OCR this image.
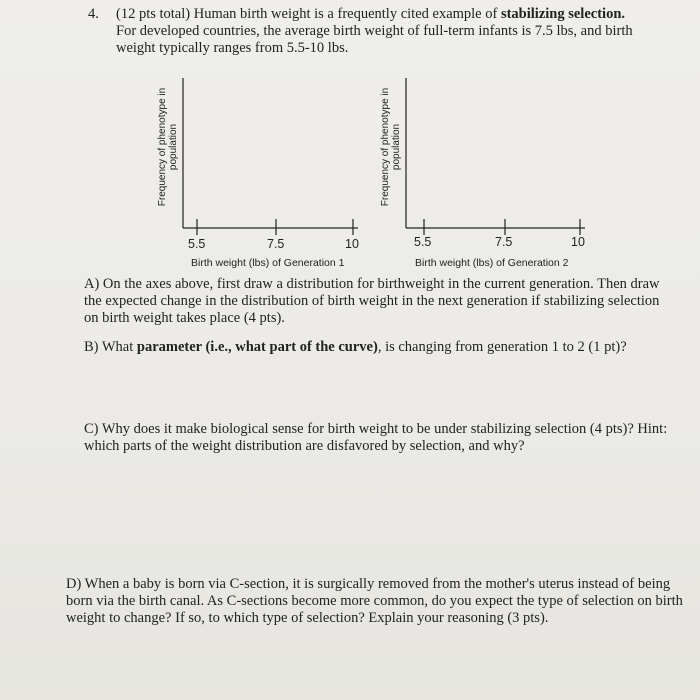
4. (12 pts total) Human birth weight is a frequently cited example of stabilizing selection. For developed countries, the average birth weight of full-term infants is 7.5 lbs, and birth weight typically ranges from 5.5-10 lbs.
Frequency of phenotype in population
5.5	7.5	10
Birth weight (lbs) of Generation 1
Frequency of phenotype in population
5.5	7.5	10
Birth weight (lbs) of Generation 2
A) On the axes above, first draw a distribution for birthweight in the current generation. Then draw the expected change in the distribution of birth weight in the next generation if stabilizing selection on birth weight takes place (4 pts).
B) What parameter (i.e., what part of the curve), is changing from generation 1 to 2 (1 pt)?
C) Why does it make biological sense for birth weight to be under stabilizing selection (4 pts)? Hint: which parts of the weight distribution are disfavored by selection, and why?
D) When a baby is born via C-section, it is surgically removed from the mother's uterus instead of being born via the birth canal. As C-sections become more common, do you expect the type of selection on birth weight to change? If so, to which type of selection? Explain your reasoning (3 pts).
